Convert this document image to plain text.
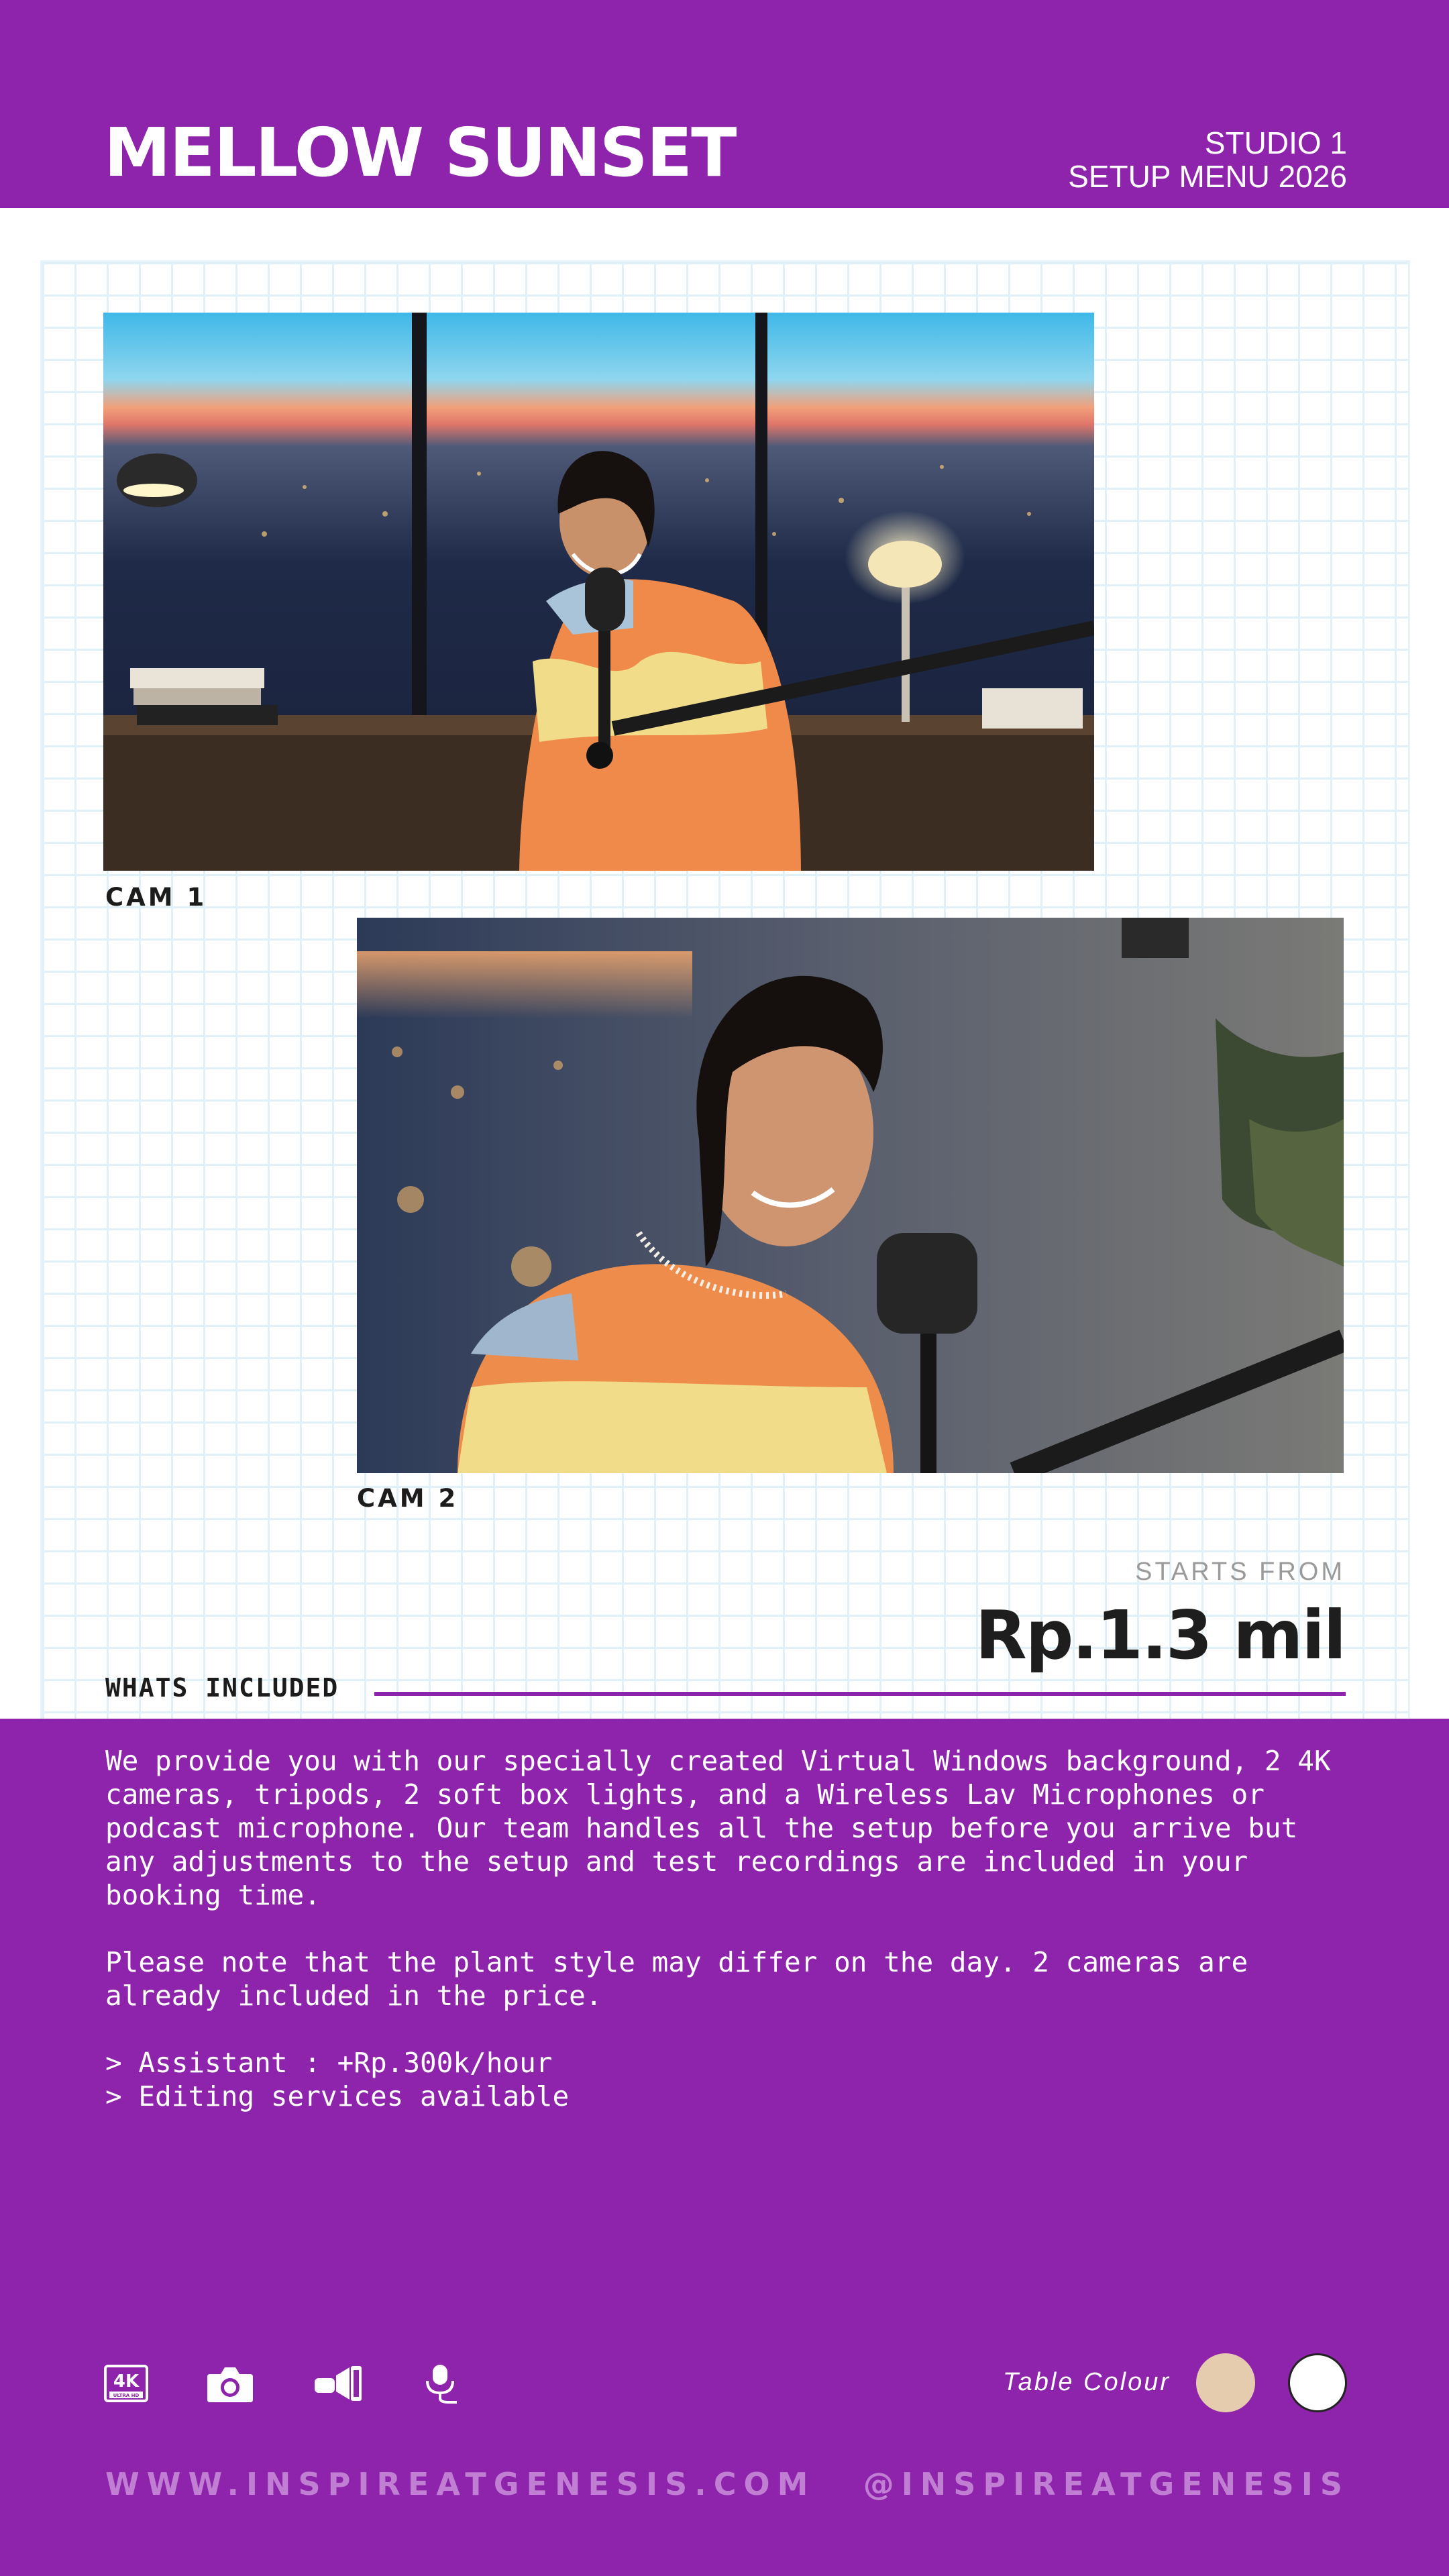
MELLOW SUNSET	STUDIO 1
SETUP MENU 2026
CAM 1
CAM 2
STARTS FROM
Rp.1.3 mil
WHATS INCLUDED

We provide you with our specially created Virtual Windows background, 2 4K cameras, tripods, 2 soft box lights, and a Wireless Lav Microphones or podcast microphone. Our team handles all the setup before you arrive but any adjustments to the setup and test recordings are included in your booking time.

Please note that the plant style may differ on the day. 2 cameras are already included in the price.

> Assistant : +Rp.300k/hour
> Editing services available
4K
ULTRA HD	Table Colour
WWW.INSPIREATGENESIS.COM @INSPIREATGENESIS
